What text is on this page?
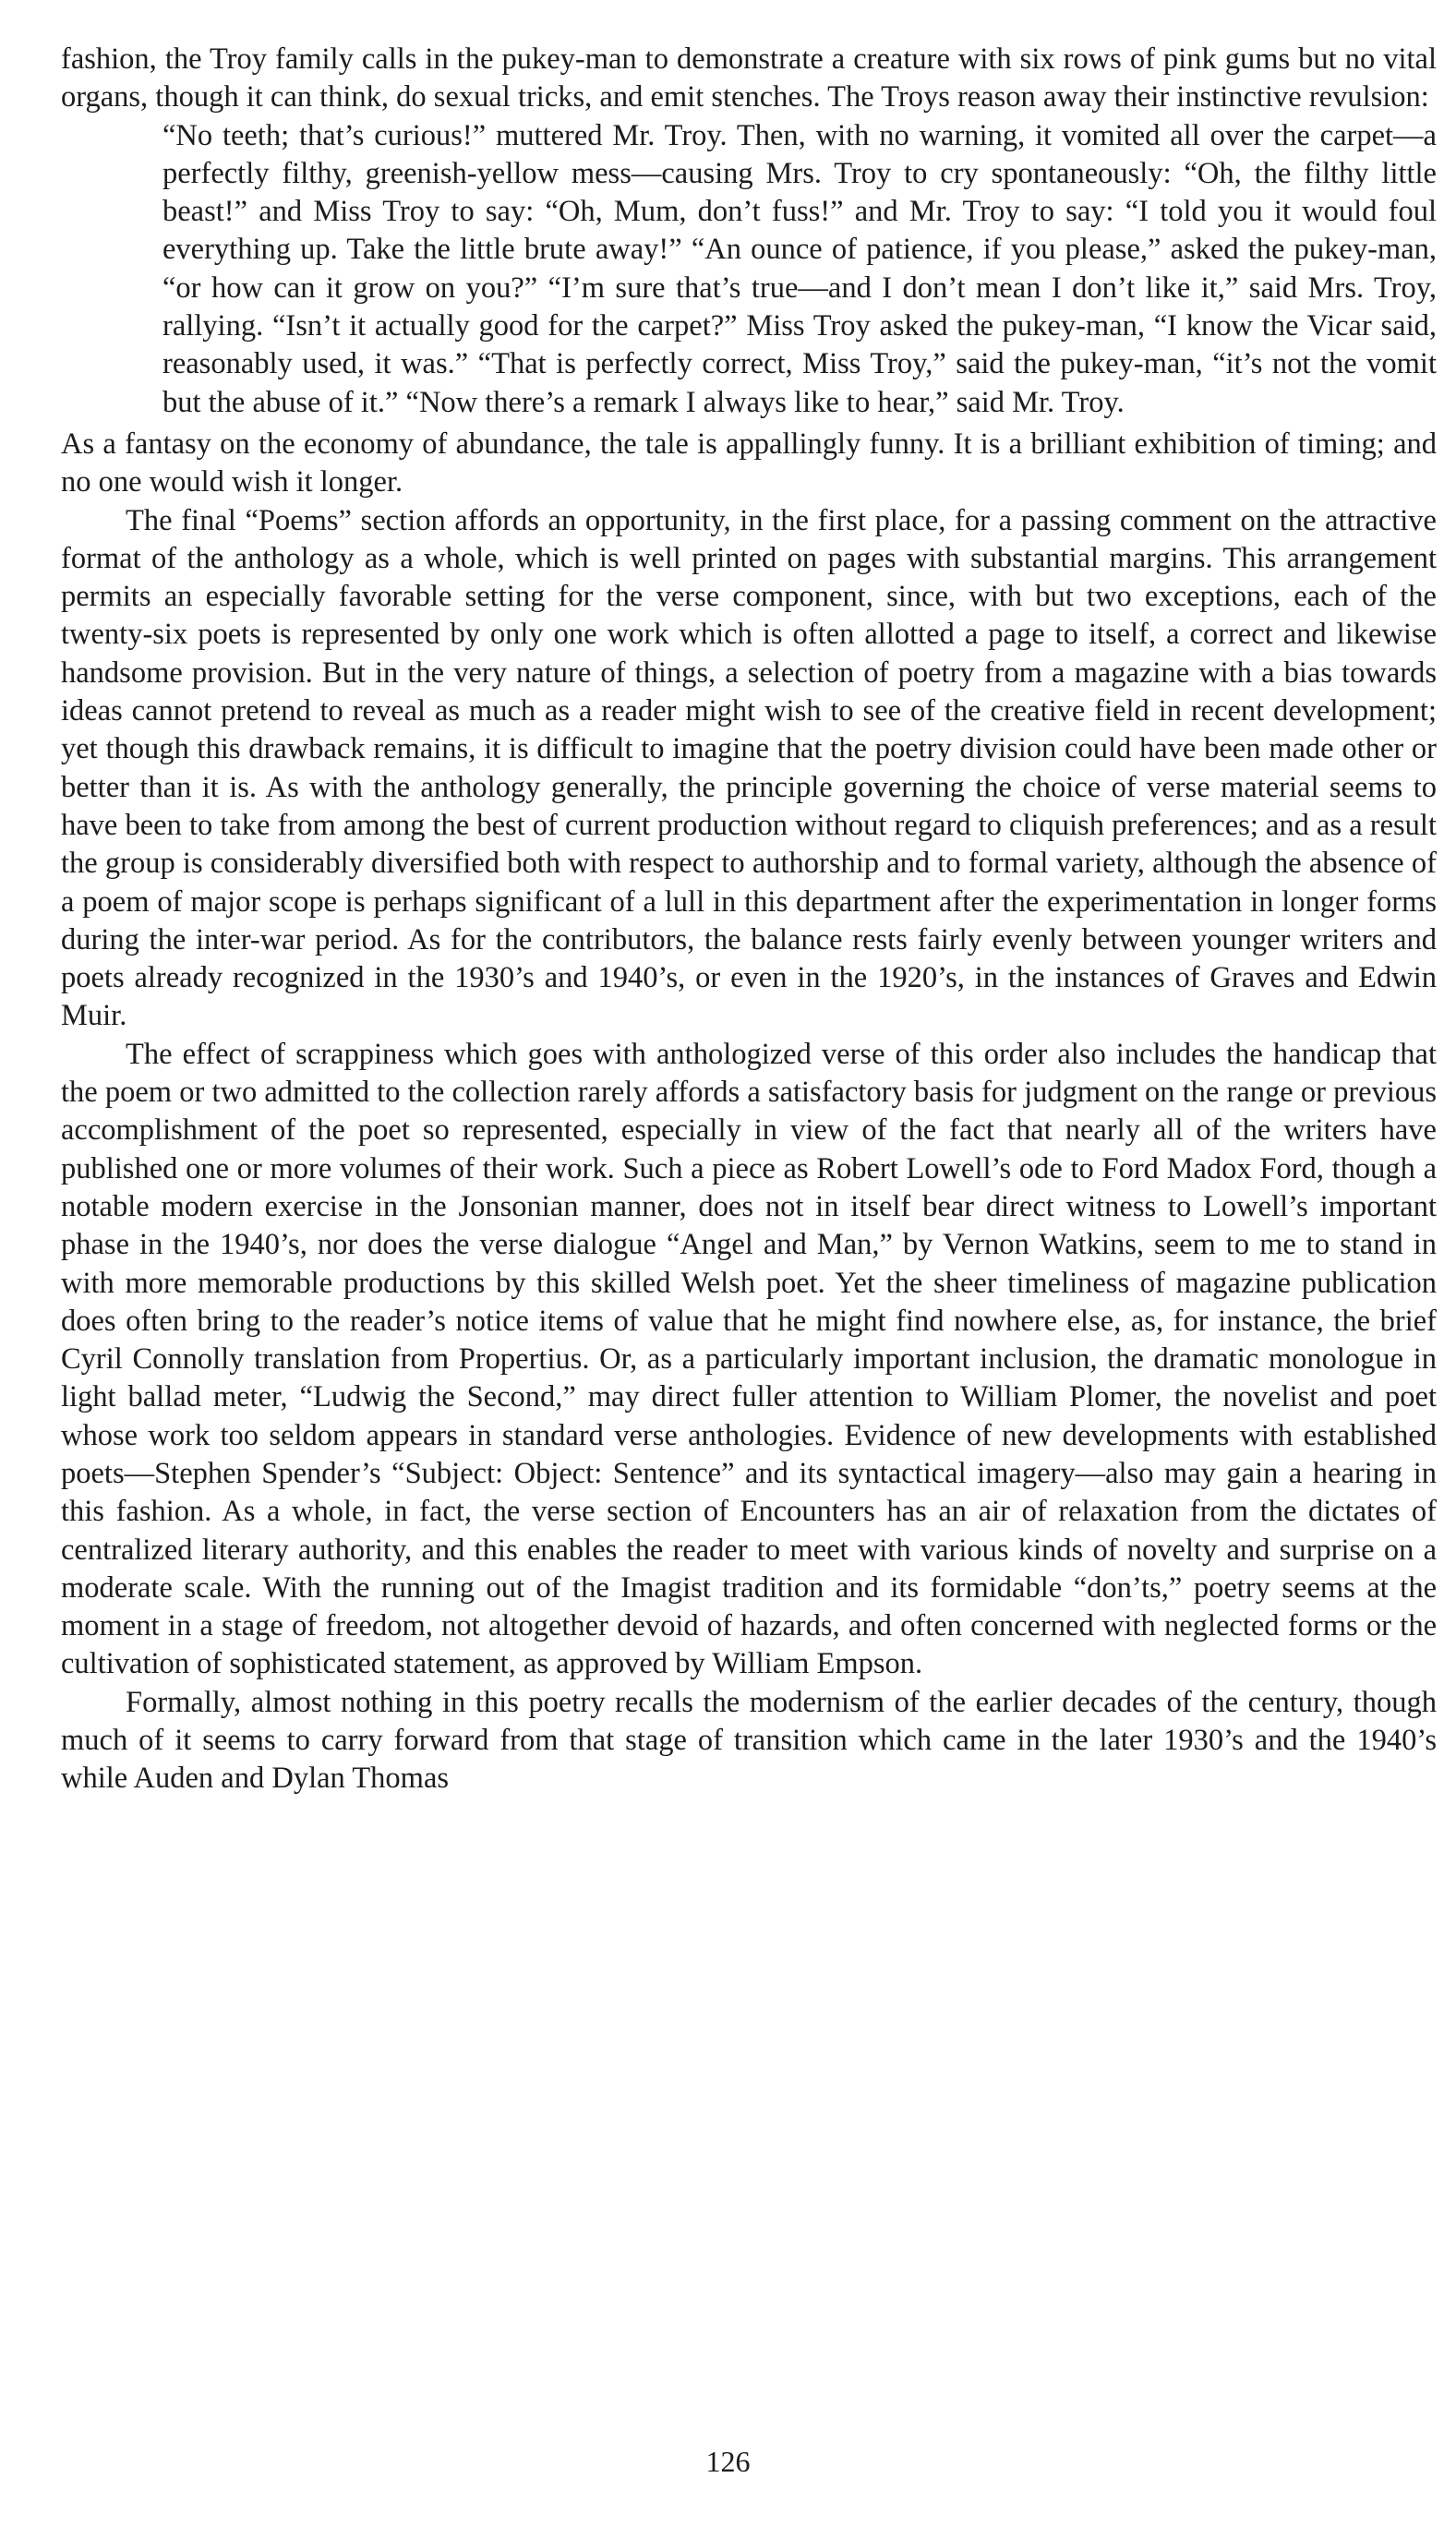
fashion, the Troy family calls in the pukey-man to demonstrate a creature with six rows of pink gums but no vital organs, though it can think, do sexual tricks, and emit stenches. The Troys reason away their instinctive revulsion:

“No teeth; that’s curious!” muttered Mr. Troy. Then, with no warning, it vomited all over the carpet—a perfectly filthy, greenish-yellow mess—causing Mrs. Troy to cry spontaneously: “Oh, the filthy little beast!” and Miss Troy to say: “Oh, Mum, don’t fuss!” and Mr. Troy to say: “I told you it would foul everything up. Take the little brute away!” “An ounce of patience, if you please,” asked the pukey-man, “or how can it grow on you?” “I’m sure that’s true—and I don’t mean I don’t like it,” said Mrs. Troy, rallying. “Isn’t it actually good for the carpet?” Miss Troy asked the pukey-man, “I know the Vicar said, reasonably used, it was.” “That is perfectly correct, Miss Troy,” said the pukey-man, “it’s not the vomit but the abuse of it.” “Now there’s a remark I always like to hear,” said Mr. Troy.

As a fantasy on the economy of abundance, the tale is appallingly funny. It is a brilliant exhibition of timing; and no one would wish it longer.

The final “Poems” section affords an opportunity, in the first place, for a passing comment on the attractive format of the anthology as a whole, which is well printed on pages with substantial margins. This arrangement permits an especially favorable setting for the verse component, since, with but two exceptions, each of the twenty-six poets is represented by only one work which is often allotted a page to itself, a correct and likewise handsome provision. But in the very nature of things, a selection of poetry from a magazine with a bias towards ideas cannot pretend to reveal as much as a reader might wish to see of the creative field in recent development; yet though this drawback remains, it is difficult to imagine that the poetry division could have been made other or better than it is. As with the anthology generally, the principle governing the choice of verse material seems to have been to take from among the best of current production without regard to cliquish preferences; and as a result the group is considerably diversified both with respect to authorship and to formal variety, although the absence of a poem of major scope is perhaps significant of a lull in this department after the experimentation in longer forms during the inter-war period. As for the contributors, the balance rests fairly evenly between younger writers and poets already recognized in the 1930’s and 1940’s, or even in the 1920’s, in the instances of Graves and Edwin Muir.

The effect of scrappiness which goes with anthologized verse of this order also includes the handicap that the poem or two admitted to the collection rarely affords a satisfactory basis for judgment on the range or previous accomplishment of the poet so represented, especially in view of the fact that nearly all of the writers have published one or more volumes of their work. Such a piece as Robert Lowell’s ode to Ford Madox Ford, though a notable modern exercise in the Jonsonian manner, does not in itself bear direct witness to Lowell’s important phase in the 1940’s, nor does the verse dialogue “Angel and Man,” by Vernon Watkins, seem to me to stand in with more memorable productions by this skilled Welsh poet. Yet the sheer timeliness of magazine publication does often bring to the reader’s notice items of value that he might find nowhere else, as, for instance, the brief Cyril Connolly translation from Propertius. Or, as a particularly important inclusion, the dramatic monologue in light ballad meter, “Ludwig the Second,” may direct fuller attention to William Plomer, the novelist and poet whose work too seldom appears in standard verse anthologies. Evidence of new developments with established poets—Stephen Spender’s “Subject: Object: Sentence” and its syntactical imagery—also may gain a hearing in this fashion. As a whole, in fact, the verse section of Encounters has an air of relaxation from the dictates of centralized literary authority, and this enables the reader to meet with various kinds of novelty and surprise on a moderate scale. With the running out of the Imagist tradition and its formidable “don’ts,” poetry seems at the moment in a stage of freedom, not altogether devoid of hazards, and often concerned with neglected forms or the cultivation of sophisticated statement, as approved by William Empson.

Formally, almost nothing in this poetry recalls the modernism of the earlier decades of the century, though much of it seems to carry forward from that stage of transition which came in the later 1930’s and the 1940’s while Auden and Dylan Thomas

126
